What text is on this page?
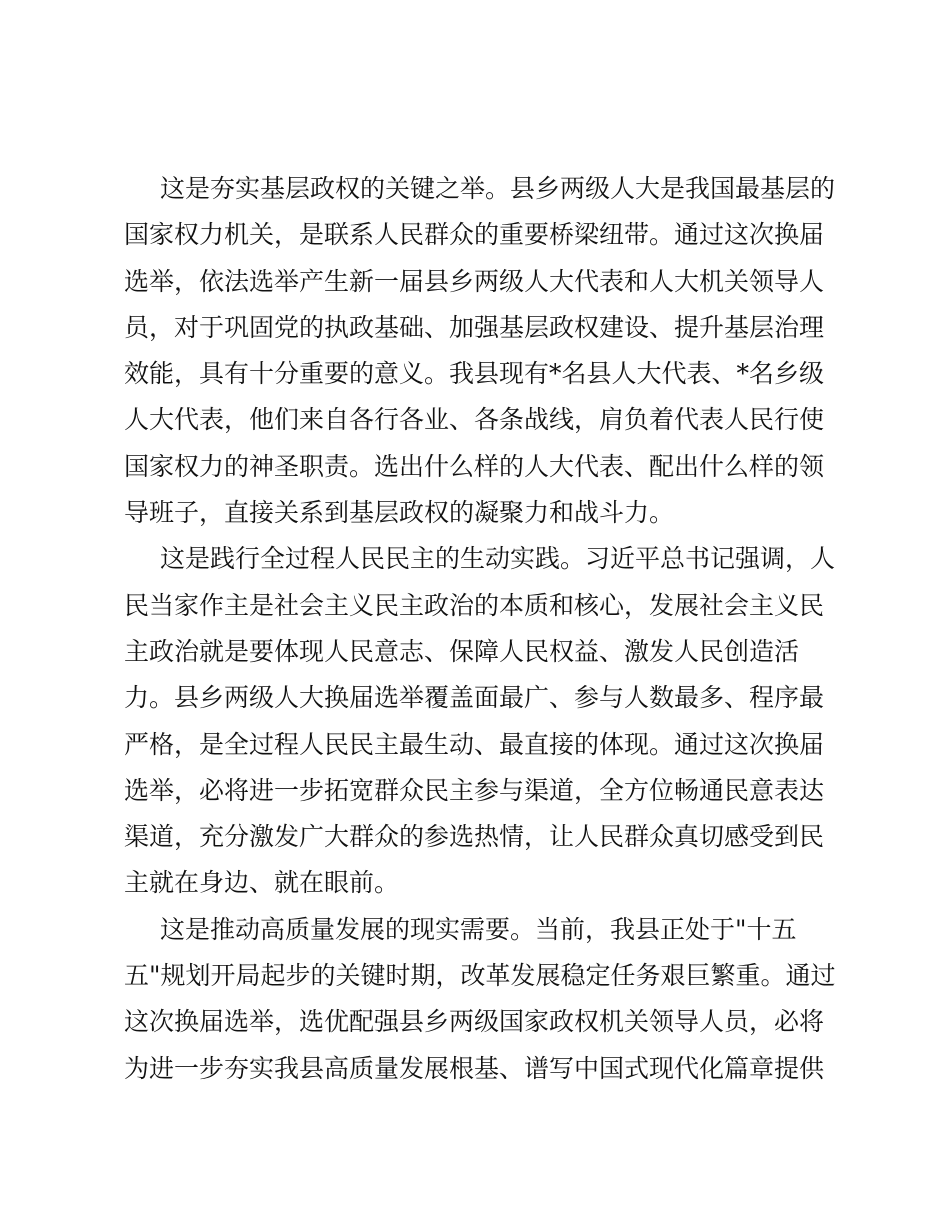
这是夯实基层政权的关键之举。县乡两级人大是我国最基层的
国家权力机关，是联系人民群众的重要桥梁纽带。通过这次换届
选举，依法选举产生新一届县乡两级人大代表和人大机关领导人
员，对于巩固党的执政基础、加强基层政权建设、提升基层治理
效能，具有十分重要的意义。我县现有*名县人大代表、*名乡级
人大代表，他们来自各行各业、各条战线，肩负着代表人民行使
国家权力的神圣职责。选出什么样的人大代表、配出什么样的领
导班子，直接关系到基层政权的凝聚力和战斗力。
这是践行全过程人民民主的生动实践。习近平总书记强调，人
民当家作主是社会主义民主政治的本质和核心，发展社会主义民
主政治就是要体现人民意志、保障人民权益、激发人民创造活
力。县乡两级人大换届选举覆盖面最广、参与人数最多、程序最
严格，是全过程人民民主最生动、最直接的体现。通过这次换届
选举，必将进一步拓宽群众民主参与渠道，全方位畅通民意表达
渠道，充分激发广大群众的参选热情，让人民群众真切感受到民
主就在身边、就在眼前。
这是推动高质量发展的现实需要。当前，我县正处于"十五
五"规划开局起步的关键时期，改革发展稳定任务艰巨繁重。通过
这次换届选举，选优配强县乡两级国家政权机关领导人员，必将
为进一步夯实我县高质量发展根基、谱写中国式现代化篇章提供
